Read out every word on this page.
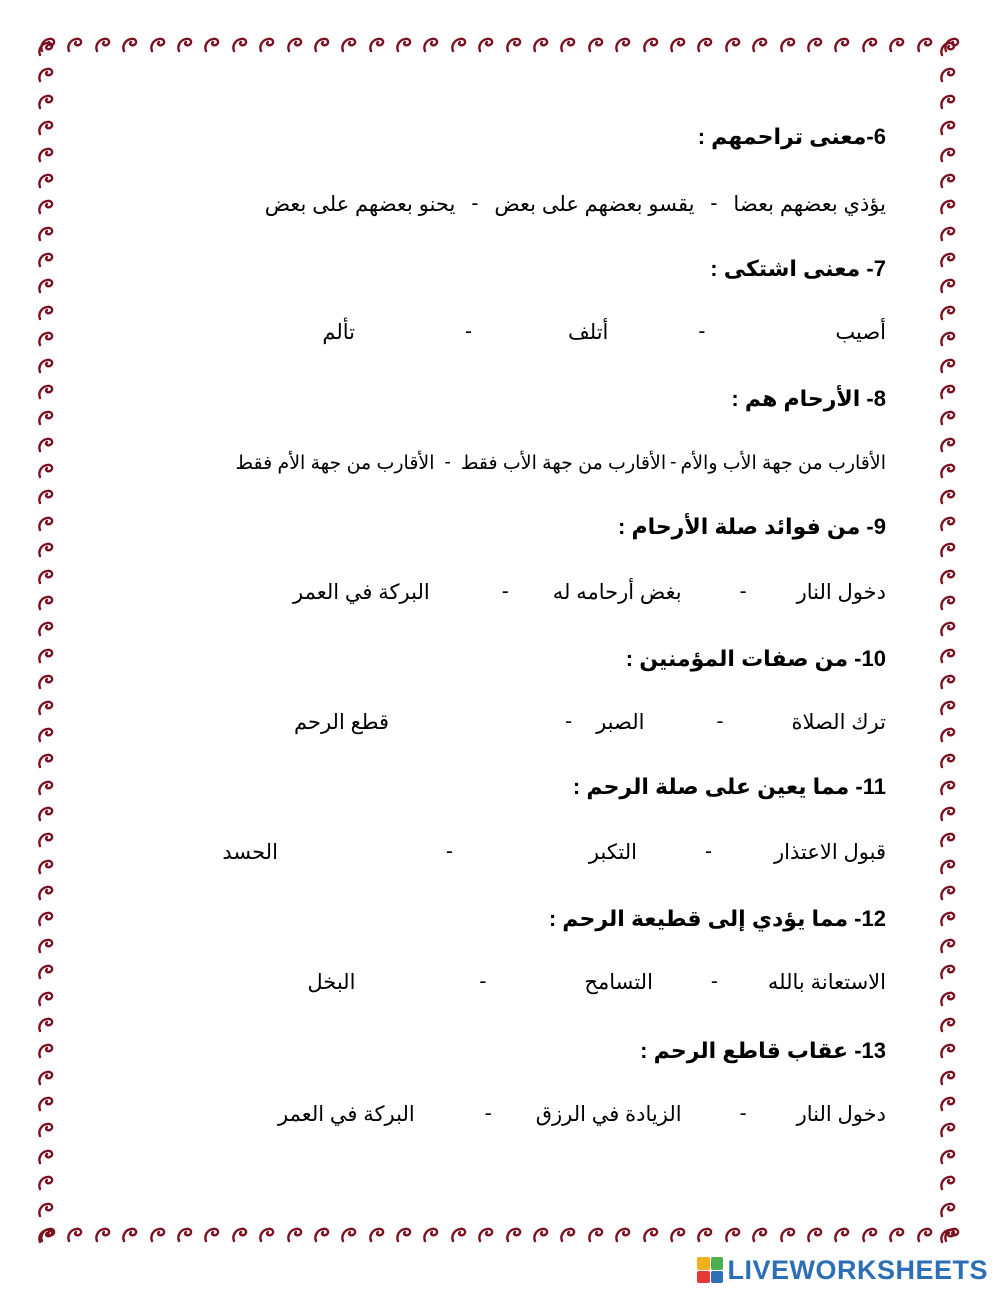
6-معنى تراحمهم :
يؤذي بعضهم بعضا
-
يقسو بعضهم على بعض
-
يحنو بعضهم على بعض
7- معنى اشتكى :
أصيب
-
أتلف
-
تألم
8- الأرحام هم :
الأقارب من جهة الأب والأم
-
الأقارب من جهة الأب فقط
-
الأقارب من جهة الأم فقط
9- من فوائد صلة الأرحام :
دخول النار
-
بغض أرحامه له
-
البركة في العمر
10- من صفات المؤمنين :
ترك الصلاة
-
الصبر
-
قطع الرحم
11- مما يعين على صلة الرحم :
قبول الاعتذار
-
التكبر
-
الحسد
12- مما يؤدي إلى قطيعة الرحم :
الاستعانة بالله
-
التسامح
-
البخل
13- عقاب قاطع الرحم :
دخول النار
-
الزيادة في الرزق
-
البركة في العمر
LIVEWORKSHEETS
